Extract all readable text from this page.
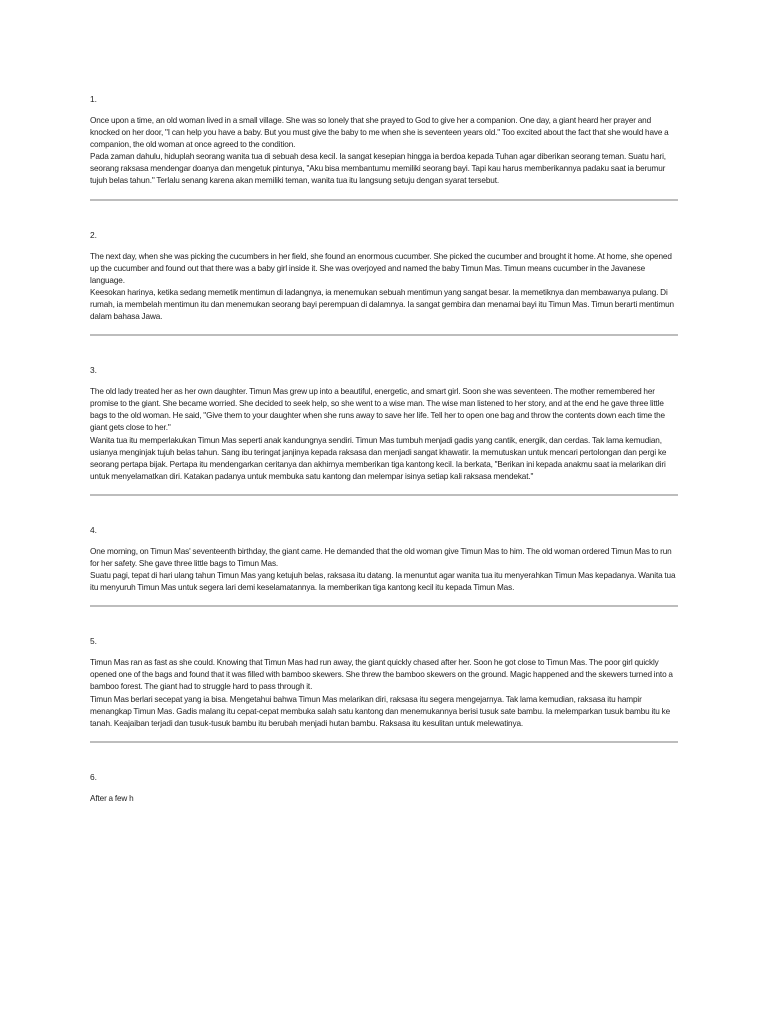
1.

Once upon a time, an old woman lived in a small village. She was so lonely that she prayed to God to give her a companion. One day, a giant heard her prayer and knocked on her door, "I can help you have a baby. But you must give the baby to me when she is seventeen years old." Too excited about the fact that she would have a companion, the old woman at once agreed to the condition.

Pada zaman dahulu, hiduplah seorang wanita tua di sebuah desa kecil. Ia sangat kesepian hingga ia berdoa kepada Tuhan agar diberikan seorang teman. Suatu hari, seorang raksasa mendengar doanya dan mengetuk pintunya, "Aku bisa membantumu memiliki seorang bayi. Tapi kau harus memberikannya padaku saat ia berumur tujuh belas tahun." Terlalu senang karena akan memiliki teman, wanita tua itu langsung setuju dengan syarat tersebut.

2.

The next day, when she was picking the cucumbers in her field, she found an enormous cucumber. She picked the cucumber and brought it home. At home, she opened up the cucumber and found out that there was a baby girl inside it. She was overjoyed and named the baby Timun Mas. Timun means cucumber in the Javanese language.

Keesokan harinya, ketika sedang memetik mentimun di ladangnya, ia menemukan sebuah mentimun yang sangat besar. Ia memetiknya dan membawanya pulang. Di rumah, ia membelah mentimun itu dan menemukan seorang bayi perempuan di dalamnya. Ia sangat gembira dan menamai bayi itu Timun Mas. Timun berarti mentimun dalam bahasa Jawa.

3.

The old lady treated her as her own daughter. Timun Mas grew up into a beautiful, energetic, and smart girl. Soon she was seventeen. The mother remembered her promise to the giant. She became worried. She decided to seek help, so she went to a wise man. The wise man listened to her story, and at the end he gave three little bags to the old woman. He said, "Give them to your daughter when she runs away to save her life. Tell her to open one bag and throw the contents down each time the giant gets close to her."

Wanita tua itu memperlakukan Timun Mas seperti anak kandungnya sendiri. Timun Mas tumbuh menjadi gadis yang cantik, energik, dan cerdas. Tak lama kemudian, usianya menginjak tujuh belas tahun. Sang ibu teringat janjinya kepada raksasa dan menjadi sangat khawatir. Ia memutuskan untuk mencari pertolongan dan pergi ke seorang pertapa bijak. Pertapa itu mendengarkan ceritanya dan akhirnya memberikan tiga kantong kecil. Ia berkata, "Berikan ini kepada anakmu saat ia melarikan diri untuk menyelamatkan diri. Katakan padanya untuk membuka satu kantong dan melempar isinya setiap kali raksasa mendekat."

4.

One morning, on Timun Mas' seventeenth birthday, the giant came. He demanded that the old woman give Timun Mas to him. The old woman ordered Timun Mas to run for her safety. She gave three little bags to Timun Mas.

Suatu pagi, tepat di hari ulang tahun Timun Mas yang ketujuh belas, raksasa itu datang. Ia menuntut agar wanita tua itu menyerahkan Timun Mas kepadanya. Wanita tua itu menyuruh Timun Mas untuk segera lari demi keselamatannya. Ia memberikan tiga kantong kecil itu kepada Timun Mas.

5.

Timun Mas ran as fast as she could. Knowing that Timun Mas had run away, the giant quickly chased after her. Soon he got close to Timun Mas. The poor girl quickly opened one of the bags and found that it was filled with bamboo skewers. She threw the bamboo skewers on the ground. Magic happened and the skewers turned into a bamboo forest. The giant had to struggle hard to pass through it.

Timun Mas berlari secepat yang ia bisa. Mengetahui bahwa Timun Mas melarikan diri, raksasa itu segera mengejarnya. Tak lama kemudian, raksasa itu hampir menangkap Timun Mas. Gadis malang itu cepat-cepat membuka salah satu kantong dan menemukannya berisi tusuk sate bambu. Ia melemparkan tusuk bambu itu ke tanah. Keajaiban terjadi dan tusuk-tusuk bambu itu berubah menjadi hutan bambu. Raksasa itu kesulitan untuk melewatinya.

6.

After a few h
